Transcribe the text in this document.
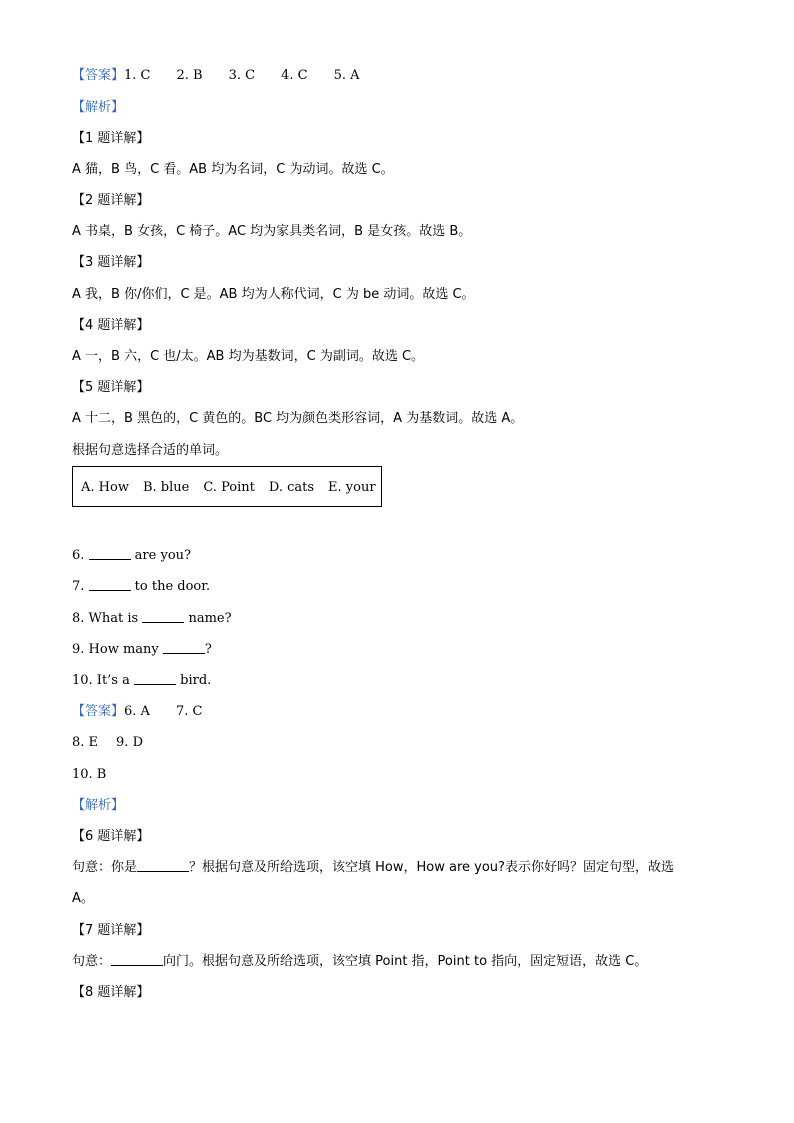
【答案】1. C 2. B 3. C 4. C 5. A
【解析】
【1 题详解】
A 猫，B 鸟，C 看。AB 均为名词，C 为动词。故选 C。
【2 题详解】
A 书桌，B 女孩，C 椅子。AC 均为家具类名词，B 是女孩。故选 B。
【3 题详解】
A 我，B 你/你们，C 是。AB 均为人称代词，C 为 be 动词。故选 C。
【4 题详解】
A 一，B 六，C 也/太。AB 均为基数词，C 为副词。故选 C。
【5 题详解】
A 十二，B 黑色的，C 黄色的。BC 均为颜色类形容词，A 为基数词。故选 A。
根据句意选择合适的单词。
A. How B. blue C. Point D. cats E. your
6.	are you?
7.	to the door.
8. What is	name?
9. How many	?
10. It’s a	bird.
【答案】6. A 7. C
8. E 9. D
10. B
【解析】
【6 题详解】
句意：你是	？根据句意及所给选项，该空填 How，How are you?表示你好吗？固定句型，故选
A。
【7 题详解】
句意：	向门。根据句意及所给选项，该空填 Point 指，Point to 指向，固定短语，故选 C。
【8 题详解】
